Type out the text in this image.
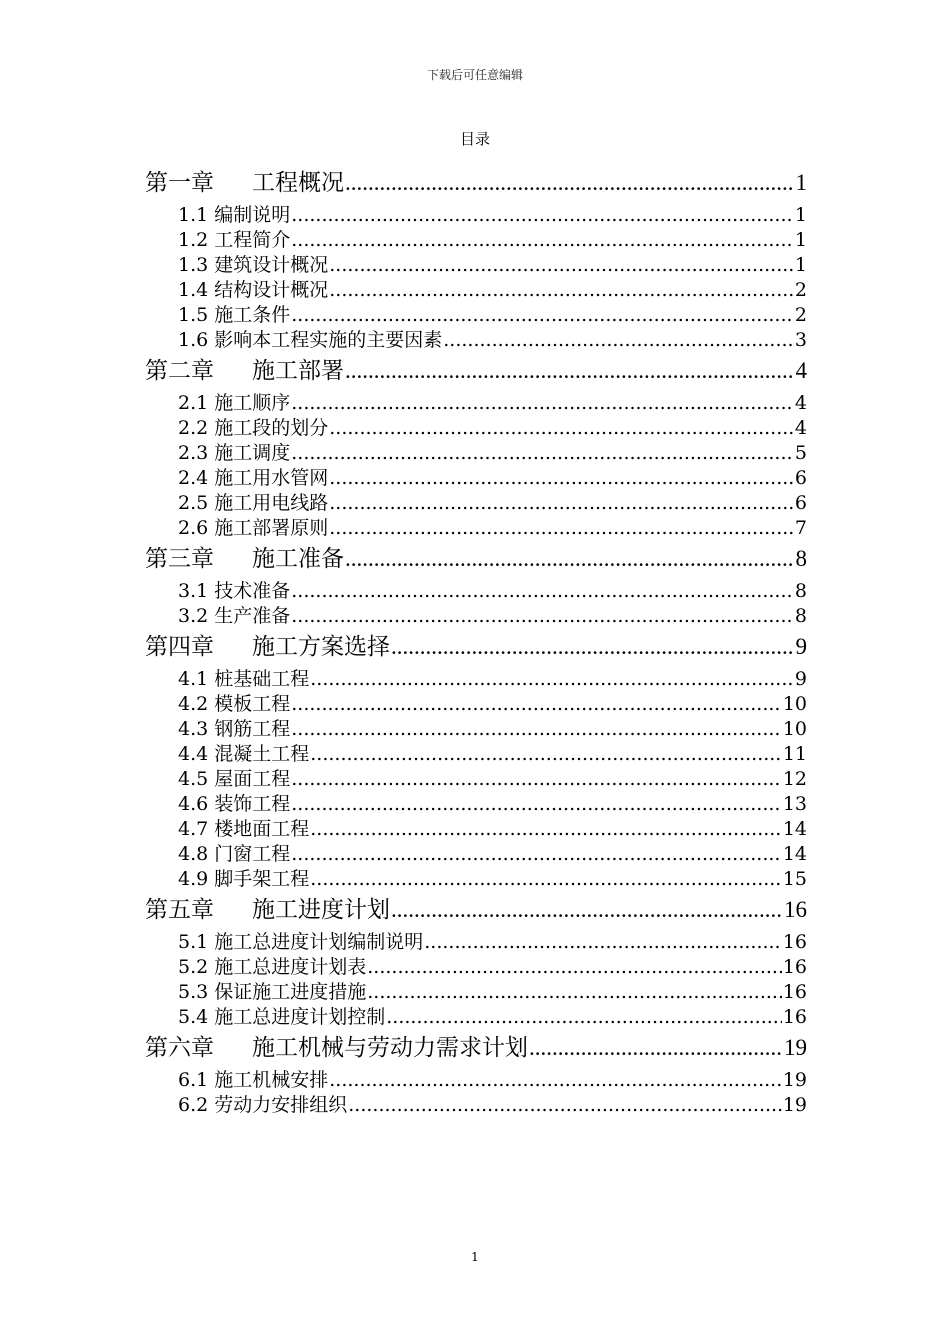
下载后可任意编辑
目录
第一章 工程概况 .....	1
1.1 编制说明 .....	1
1.2 工程简介 .....	1
1.3 建筑设计概况 .....	1
1.4 结构设计概况 .....	2
1.5 施工条件 .....	2
1.6 影响本工程实施的主要因素 .....	3
第二章 施工部署 .....	4
2.1 施工顺序 .....	4
2.2 施工段的划分 .....	4
2.3 施工调度 .....	5
2.4 施工用水管网 .....	6
2.5 施工用电线路 .....	6
2.6 施工部署原则 .....	7
第三章 施工准备 .....	8
3.1 技术准备 .....	8
3.2 生产准备 .....	8
第四章 施工方案选择 .....	9
4.1 桩基础工程 .....	9
4.2 模板工程 .....	10
4.3 钢筋工程 .....	10
4.4 混凝土工程 .....	11
4.5 屋面工程 .....	12
4.6 装饰工程 .....	13
4.7 楼地面工程 .....	14
4.8 门窗工程 .....	14
4.9 脚手架工程 .....	15
第五章 施工进度计划 .....	16
5.1 施工总进度计划编制说明 .....	16
5.2 施工总进度计划表 .....	16
5.3 保证施工进度措施 .....	16
5.4 施工总进度计划控制 .....	16
第六章 施工机械与劳动力需求计划 .....	19
6.1 施工机械安排 .....	19
6.2 劳动力安排组织 .....	19
1
